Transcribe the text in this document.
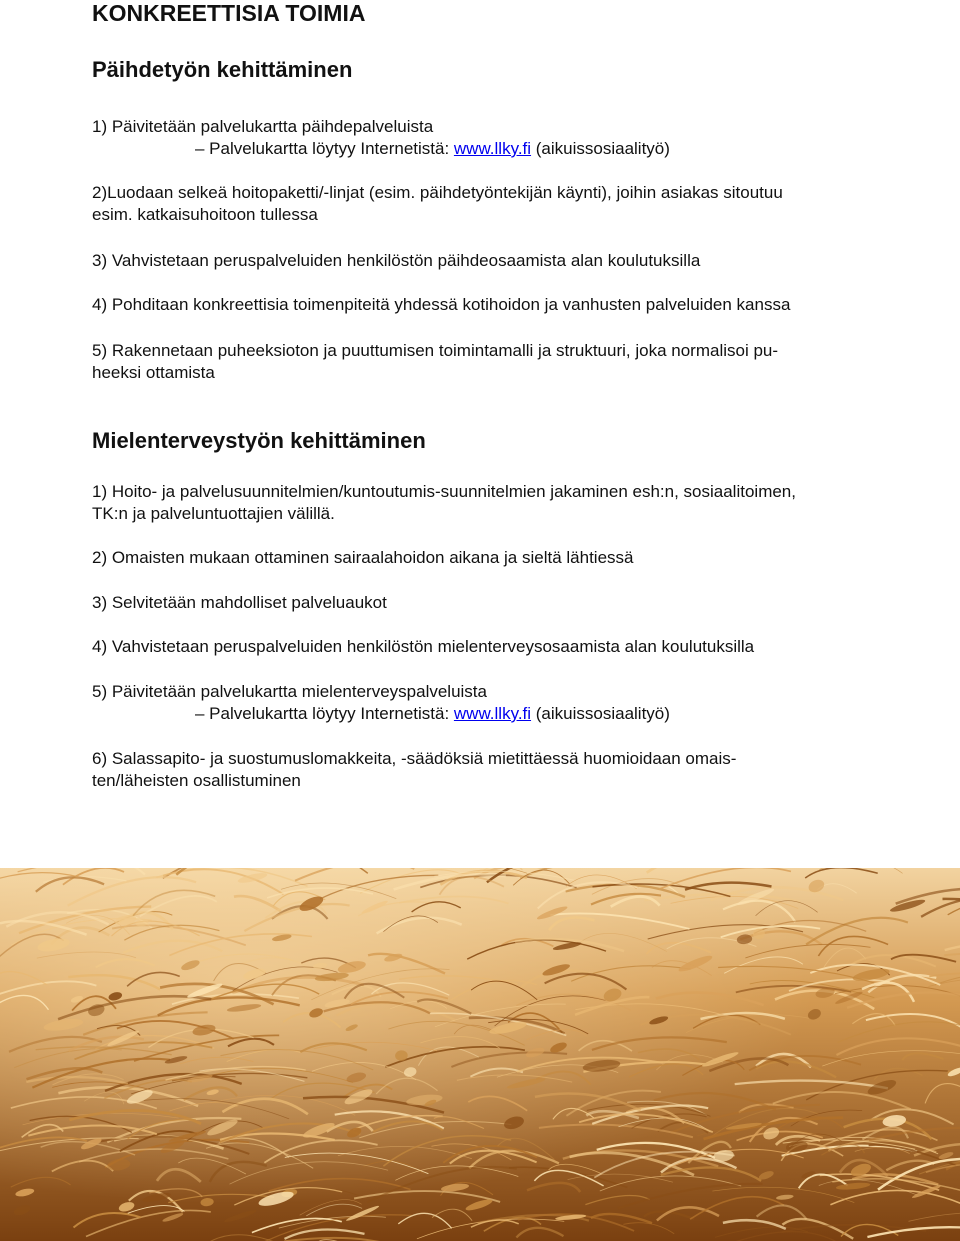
KONKREETTISIA TOIMIA
Päihdetyön kehittäminen
1) Päivitetään palvelukartta päihdepalveluista
– Palvelukartta löytyy Internetistä: www.llky.fi (aikuissosiaalityö)
2)Luodaan selkeä hoitopaketti/-linjat (esim. päihdetyöntekijän käynti), joihin asiakas sitoutuu
esim. katkaisuhoitoon tullessa
3) Vahvistetaan peruspalveluiden henkilöstön päihdeosaamista alan koulutuksilla
4) Pohditaan konkreettisia toimenpiteitä yhdessä kotihoidon ja vanhusten palveluiden kanssa
5) Rakennetaan puheeksioton ja puuttumisen toimintamalli ja struktuuri, joka normalisoi pu-
heeksi ottamista
Mielenterveystyön kehittäminen
1) Hoito- ja palvelusuunnitelmien/kuntoutumis-suunnitelmien jakaminen esh:n, sosiaalitoimen,
TK:n ja palveluntuottajien välillä.
2) Omaisten mukaan ottaminen sairaalahoidon aikana ja sieltä lähtiessä
3) Selvitetään mahdolliset palveluaukot
4) Vahvistetaan peruspalveluiden henkilöstön mielenterveysosaamista alan koulutuksilla
5) Päivitetään palvelukartta mielenterveyspalveluista
– Palvelukartta löytyy Internetistä: www.llky.fi (aikuissosiaalityö)
6) Salassapito- ja suostumuslomakkeita, -säädöksiä mietittäessä huomioidaan omais-
ten/läheisten osallistuminen
